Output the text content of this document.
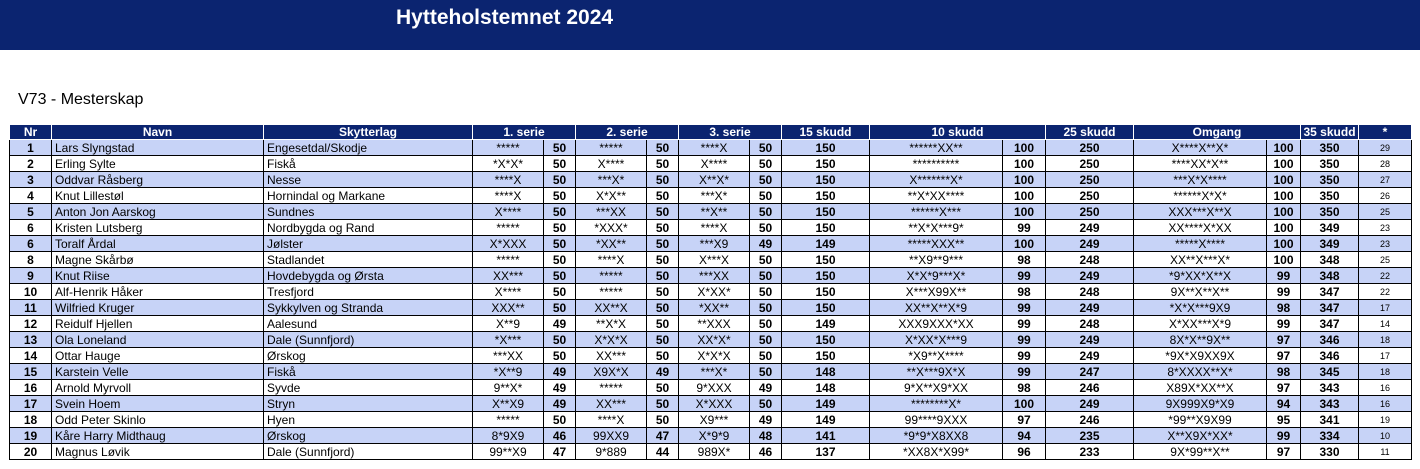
Hytteholstemnet 2024
V73 - Mesterskap
Nr	Navn	Skytterlag	1. serie		2. serie		3. serie		15 skudd	10 skudd		25 skudd	Omgang		35 skudd	*
1	Lars Slyngstad	Engesetdal/Skodje	*****	50	*****	50	****X	50	150	******XX**	100	250	X****X**X*	100	350	29
2	Erling Sylte	Fiskå	*X*X*	50	X****	50	X****	50	150	**********	100	250	****XX*X**	100	350	28
3	Oddvar Råsberg	Nesse	****X	50	***X*	50	X**X*	50	150	X*******X*	100	250	***X*X****	100	350	27
4	Knut Lillestøl	Hornindal og Markane	****X	50	X*X**	50	***X*	50	150	**X*XX****	100	250	******X*X*	100	350	26
5	Anton Jon Aarskog	Sundnes	X****	50	***XX	50	**X**	50	150	******X***	100	250	XXX***X**X	100	350	25
6	Kristen Lutsberg	Nordbygda og Rand	*****	50	*XXX*	50	****X	50	150	**X*X***9*	99	249	XX****X*XX	100	349	23
6	Toralf Årdal	Jølster	X*XXX	50	*XX**	50	***X9	49	149	*****XXX**	100	249	*****X****	100	349	23
8	Magne Skårbø	Stadlandet	*****	50	****X	50	X***X	50	150	**X9**9***	98	248	XX**X***X*	100	348	25
9	Knut Riise	Hovdebygda og Ørsta	XX***	50	*****	50	***XX	50	150	X*X*9***X*	99	249	*9*XX*X**X	99	348	22
10	Alf-Henrik Håker	Tresfjord	X****	50	*****	50	X*XX*	50	150	X***X99X**	98	248	9X**X**X**	99	347	22
11	Wilfried Kruger	Sykkylven og Stranda	XXX**	50	XX**X	50	*XX**	50	150	XX**X**X*9	99	249	*X*X***9X9	98	347	17
12	Reidulf Hjellen	Aalesund	X**9	49	**X*X	50	**XXX	50	149	XXX9XXX*XX	99	248	X*XX***X*9	99	347	14
13	Ola Loneland	Dale (Sunnfjord)	*X***	50	X*X*X	50	XX*X*	50	150	X*XX*X***9	99	249	8X*X**9X**	97	346	18
14	Ottar Hauge	Ørskog	***XX	50	XX***	50	X*X*X	50	150	*X9**X****	99	249	*9X*X9XX9X	97	346	17
15	Karstein Velle	Fiskå	*X**9	49	X9X*X	49	***X*	50	148	**X***9X*X	99	247	8*XXXX**X*	98	345	18
16	Arnold Myrvoll	Syvde	9**X*	49	*****	50	9*XXX	49	148	9*X**X9*XX	98	246	X89X*XX**X	97	343	16
17	Svein Hoem	Stryn	X**X9	49	XX***	50	X*XXX	50	149	********X*	100	249	9X999X9*X9	94	343	16
18	Odd Peter Skinlo	Hyen	*****	50	****X	50	X9***	49	149	99****9XXX	97	246	*99**X9X99	95	341	19
19	Kåre Harry Midthaug	Ørskog	8*9X9	46	99XX9	47	X*9*9	48	141	*9*9*X8XX8	94	235	X**X9X*XX*	99	334	10
20	Magnus Løvik	Dale (Sunnfjord)	99**X9	47	9*889	44	989X*	46	137	*XX8X*X99*	96	233	9X*99**X**	97	330	11
